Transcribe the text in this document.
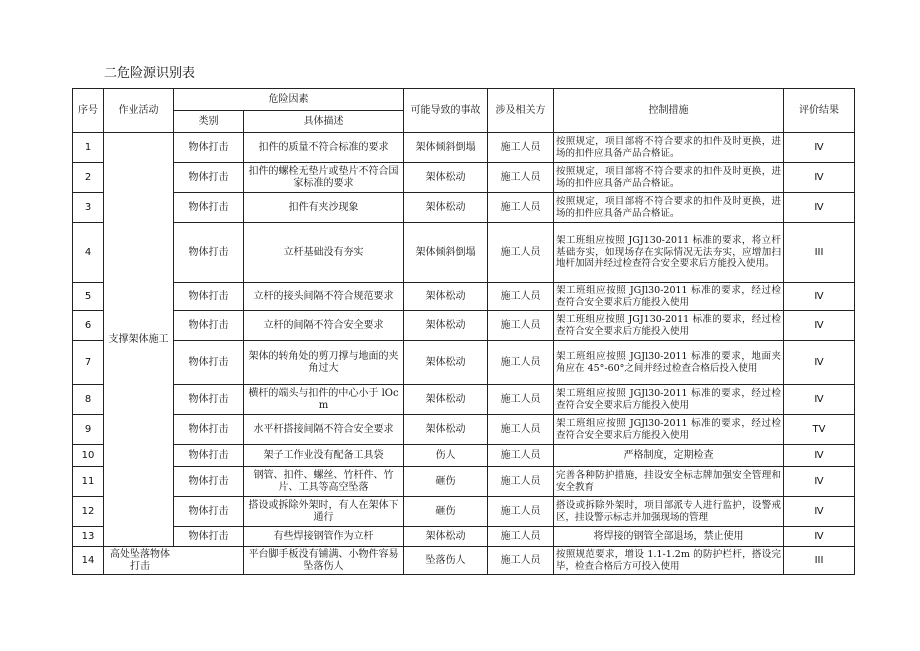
二危险源识别表
序号	作业活动	危险因素		可能导致的事故	涉及相关方	控制措施	评价结果
		类别	具体描述				
1	支撑架体施工	物体打击	扣件的质量不符合标准的要求	架体倾斜倒塌	施工人员	按照规定，项目部将不符合要求的扣件及时更换，进场的扣件应具备产品合格证。	Ⅳ
2		物体打击	扣件的螺栓无垫片或垫片不符合国家标准的要求	架体松动	施工人员	按照规定，项目部将不符合要求的扣件及时更换，进场的扣件应具备产品合格证。	Ⅳ
3		物体打击	扣件有夹沙现象	架体松动	施工人员	按照规定，项目部将不符合要求的扣件及时更换，进场的扣件应具备产品合格证。	Ⅳ
4		物体打击	立杆基础没有夯实	架体倾斜倒塌	施工人员	架工班组应按照 JGJ130-2011 标准的要求，将立杆基础夯实，如现场存在实际情况无法夯实，应增加扫地杆加固并经过检查符合安全要求后方能投入使用。	III
5		物体打击	立杆的接头间隔不符合规范要求	架体松动	施工人员	架工班组应按照 JGJl30-2011 标准的要求，经过检查符合安全要求后方能投入使用	Ⅳ
6		物体打击	立杆的间隔不符合安全要求	架体松动	施工人员	架工班组应按照 JGJ130-2011 标准的要求，经过检查符合安全要求后方能投入使用	Ⅳ
7		物体打击	架体的转角处的剪刀撑与地面的夹角过大	架体松动	施工人员	架工班组应按照 JGJl30-2011 标准的要求，地面夹角应在 45°-60°之间并经过检查合格后投入使用	Ⅳ
8		物体打击	横杆的端头与扣件的中心小于 lOcm	架体松动	施工人员	架工班组应按照 JGJl30-2011 标准的要求，经过检查符合安全要求后方能投入使用	Ⅳ
9		物体打击	水平杆搭接间隔不符合安全要求	架体松动	施工人员	架工班组应按照 JGJl30-2011 标准的要求，经过检查符合安全要求后方能投入使用	TV
10		物体打击	架子工作业没有配备工具袋	伤人	施工人员	严格制度，定期检查	Ⅳ
11		物体打击	钢管、扣件、螺丝、竹杆件、竹片、工具等高空坠落	砸伤	施工人员	完善各种防护措施，挂设安全标志牌加强安全管理和安全教育	Ⅳ
12		物体打击	搭设或拆除外架时，有人在架体下通行	砸伤	施工人员	搭设或拆除外架时，项目部派专人进行监护，设警戒区，挂设警示标志并加强现场的管理	Ⅳ
13		物体打击	有些焊接钢管作为立杆	架体松动	施工人员	将焊接的钢管全部退场，禁止使用	Ⅳ
14	高处坠落物体打击		平台脚手板没有铺满、小物件容易坠落伤人	坠落伤人	施工人员	按照规范要求，增设 1.1-1.2m 的防护栏杆，搭设完毕，检查合格后方可投入使用	III
